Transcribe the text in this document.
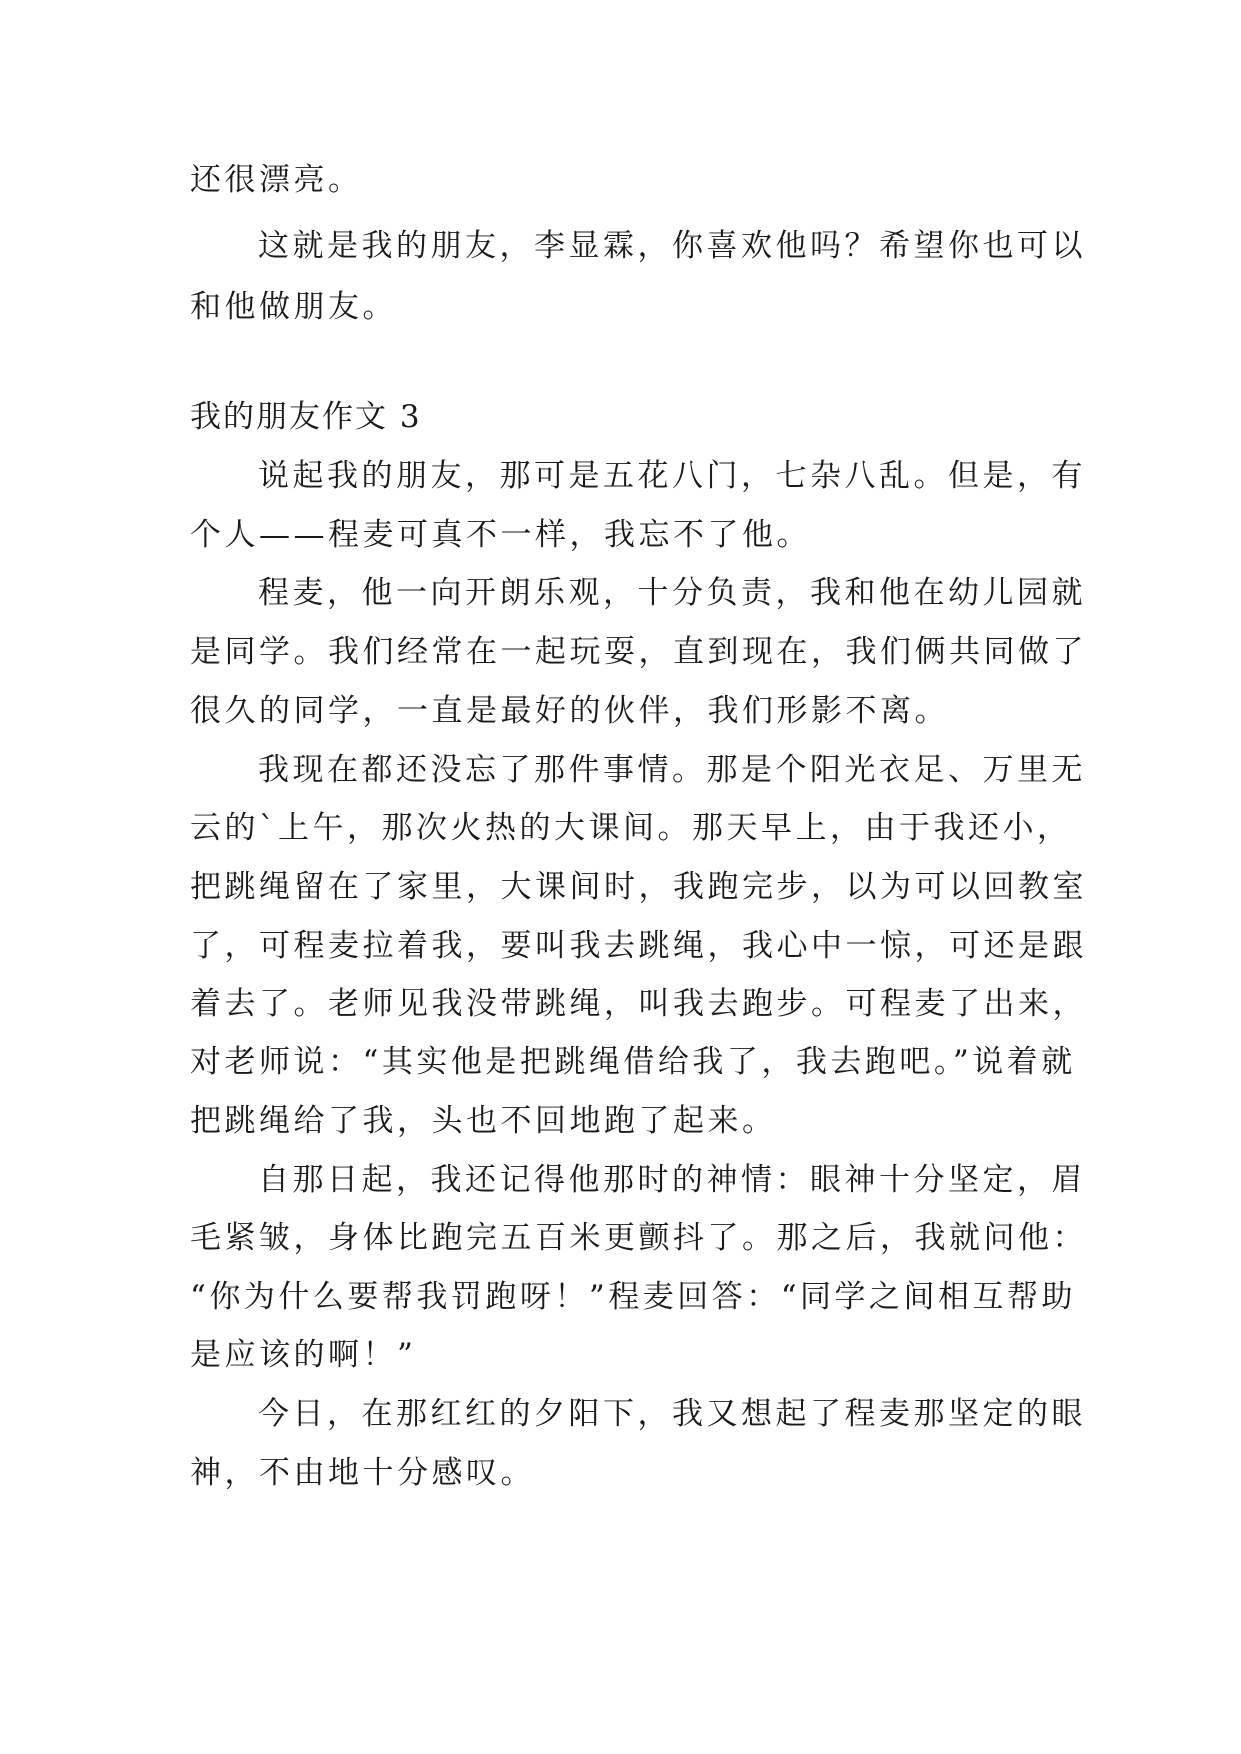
还很漂亮。
这就是我的朋友，李显霖，你喜欢他吗？希望你也可以
和他做朋友。
我的朋友作文 3
说起我的朋友，那可是五花八门，七杂八乱。但是，有
个人——程麦可真不一样，我忘不了他。
程麦，他一向开朗乐观，十分负责，我和他在幼儿园就
是同学。我们经常在一起玩耍，直到现在，我们俩共同做了
很久的同学，一直是最好的伙伴，我们形影不离。
我现在都还没忘了那件事情。那是个阳光衣足、万里无
云的`上午，那次火热的大课间。那天早上，由于我还小，
把跳绳留在了家里，大课间时，我跑完步，以为可以回教室
了，可程麦拉着我，要叫我去跳绳，我心中一惊，可还是跟
着去了。老师见我没带跳绳，叫我去跑步。可程麦了出来，
对老师说：“其实他是把跳绳借给我了，我去跑吧。”说着就
把跳绳给了我，头也不回地跑了起来。
自那日起，我还记得他那时的神情：眼神十分坚定，眉
毛紧皱，身体比跑完五百米更颤抖了。那之后，我就问他：
“你为什么要帮我罚跑呀！”程麦回答：“同学之间相互帮助
是应该的啊！”
今日，在那红红的夕阳下，我又想起了程麦那坚定的眼
神，不由地十分感叹。
